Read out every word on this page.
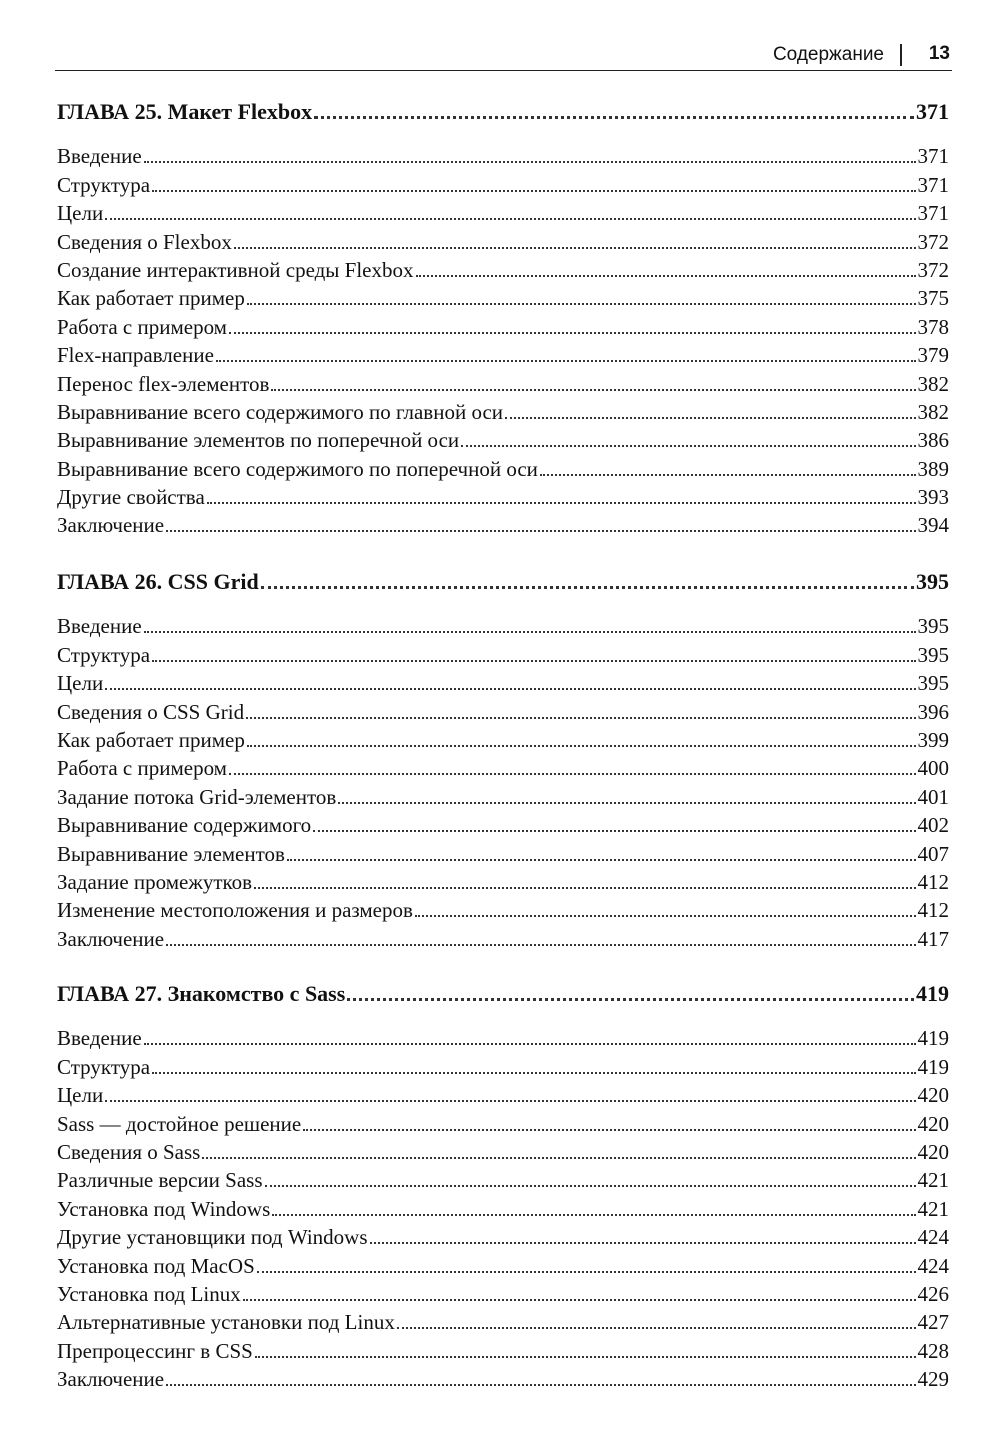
Содержание 13
ГЛАВА 25. Макет Flexbox	371
Введение	371
Структура	371
Цели	371
Сведения о Flexbox	372
Создание интерактивной среды Flexbox	372
Как работает пример	375
Работа с примером	378
Flex-направление	379
Перенос flex-элементов	382
Выравнивание всего содержимого по главной оси	382
Выравнивание элементов по поперечной оси	386
Выравнивание всего содержимого по поперечной оси	389
Другие свойства	393
Заключение	394
ГЛАВА 26. CSS Grid	395
Введение	395
Структура	395
Цели	395
Сведения о CSS Grid	396
Как работает пример	399
Работа с примером	400
Задание потока Grid-элементов	401
Выравнивание содержимого	402
Выравнивание элементов	407
Задание промежутков	412
Изменение местоположения и размеров	412
Заключение	417
ГЛАВА 27. Знакомство с Sass	419
Введение	419
Структура	419
Цели	420
Sass — достойное решение	420
Сведения о Sass	420
Различные версии Sass	421
Установка под Windows	421
Другие установщики под Windows	424
Установка под MacOS	424
Установка под Linux	426
Альтернативные установки под Linux	427
Препроцессинг в CSS	428
Заключение	429
